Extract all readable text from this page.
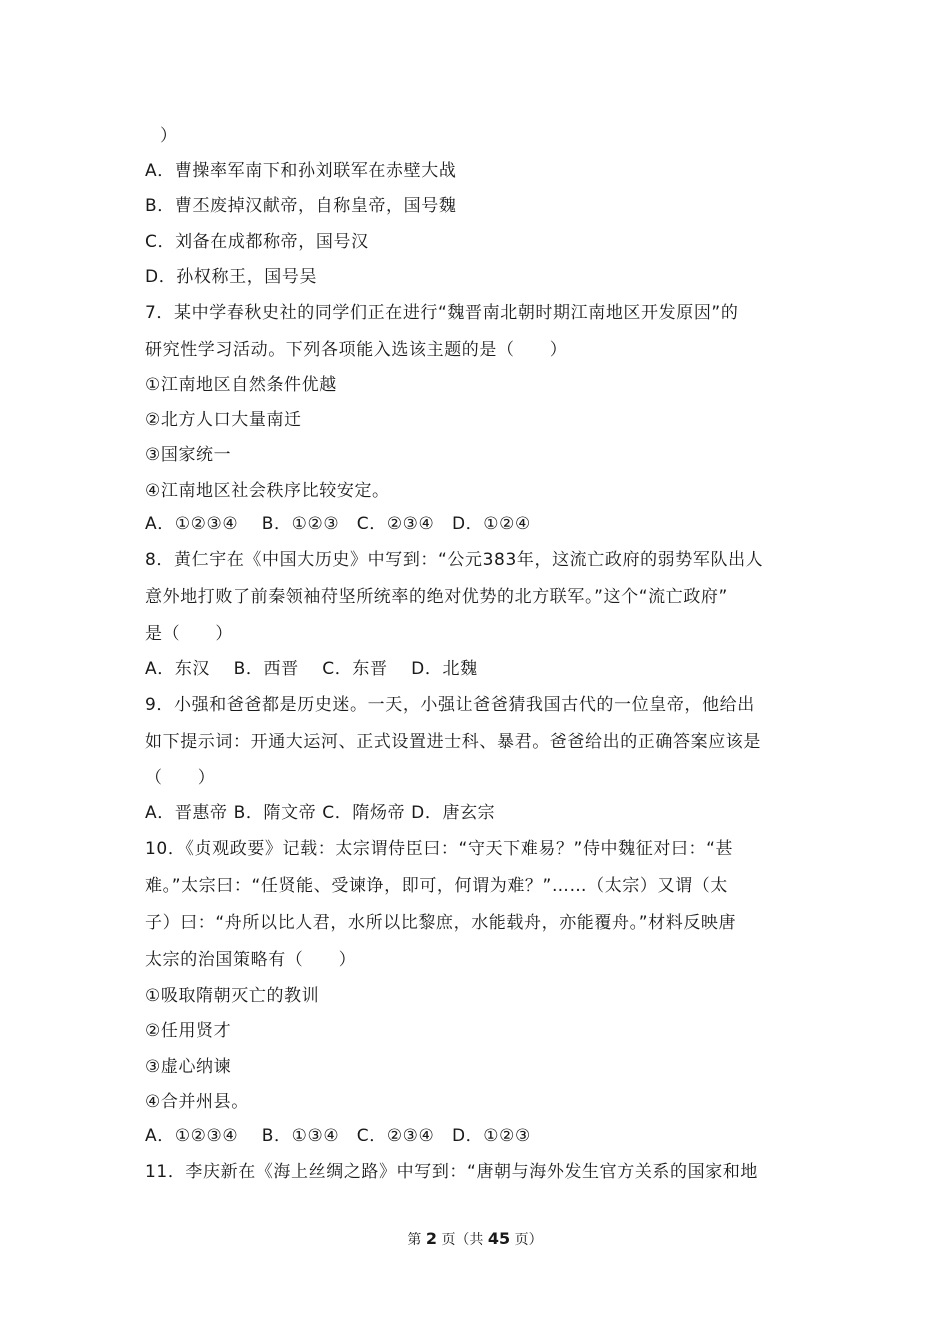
）
A．曹操率军南下和孙刘联军在赤壁大战
B．曹丕废掉汉献帝，自称皇帝，国号魏
C．刘备在成都称帝，国号汉
D．孙权称王，国号吴
7．某中学春秋史社的同学们正在进行“魏晋南北朝时期江南地区开发原因”的
研究性学习活动。下列各项能入选该主题的是（　　）
①江南地区自然条件优越
②北方人口大量南迁
③国家统一
④江南地区社会秩序比较安定。
A．①②③④　 B．①②③　C．②③④　D．①②④
8．黄仁宇在《中国大历史》中写到：“公元383年，这流亡政府的弱势军队出人
意外地打败了前秦领袖苻坚所统率的绝对优势的北方联军。”这个“流亡政府”
是（　　）
A．东汉　 B．西晋　 C．东晋　 D．北魏
9．小强和爸爸都是历史迷。一天，小强让爸爸猜我国古代的一位皇帝，他给出
如下提示词：开通大运河、正式设置进士科、暴君。爸爸给出的正确答案应该是
（　　）
A．晋惠帝 B．隋文帝 C．隋炀帝 D．唐玄宗
10．《贞观政要》记载：太宗谓侍臣曰：“守天下难易？”侍中魏征对曰：“甚
难。”太宗曰：“任贤能、受谏诤，即可，何谓为难？”……（太宗）又谓（太
子）曰：“舟所以比人君，水所以比黎庶，水能载舟，亦能覆舟。”材料反映唐
太宗的治国策略有（　　）
①吸取隋朝灭亡的教训
②任用贤才
③虚心纳谏
④合并州县。
A．①②③④　 B．①③④　C．②③④　D．①②③
11．李庆新在《海上丝绸之路》中写到：“唐朝与海外发生官方关系的国家和地
第 2 页（共 45 页）
